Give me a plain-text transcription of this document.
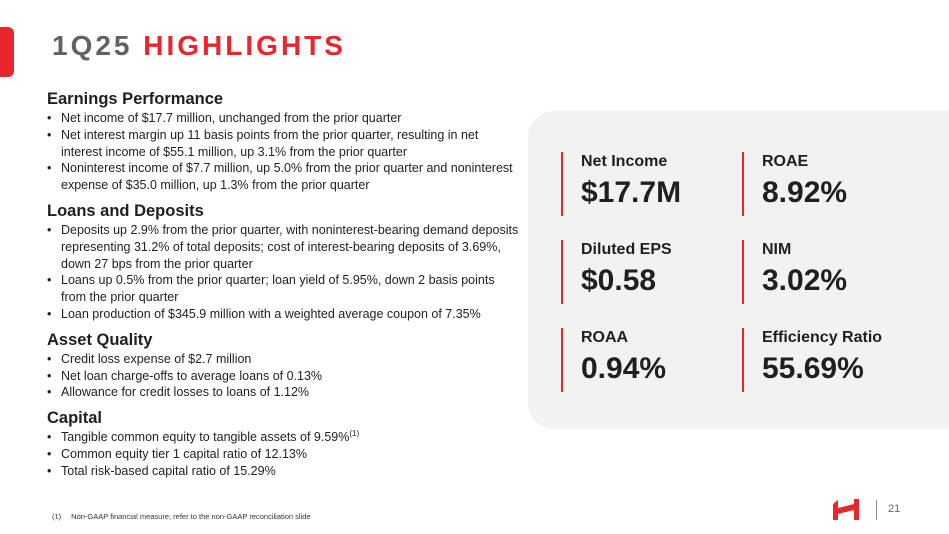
1Q25 HIGHLIGHTS
Earnings Performance
• Net income of $17.7 million, unchanged from the prior quarter
• Net interest margin up 11 basis points from the prior quarter, resulting in net interest income of $55.1 million, up 3.1% from the prior quarter
• Noninterest income of $7.7 million, up 5.0% from the prior quarter and noninterest expense of $35.0 million, up 1.3% from the prior quarter
Loans and Deposits
• Deposits up 2.9% from the prior quarter, with noninterest-bearing demand deposits representing 31.2% of total deposits; cost of interest-bearing deposits of 3.69%, down 27 bps from the prior quarter
• Loans up 0.5% from the prior quarter; loan yield of 5.95%, down 2 basis points from the prior quarter
• Loan production of $345.9 million with a weighted average coupon of 7.35%
Asset Quality
• Credit loss expense of $2.7 million
• Net loan charge-offs to average loans of 0.13%
• Allowance for credit losses to loans of 1.12%
Capital
• Tangible common equity to tangible assets of 9.59%$^{(1)}$
• Common equity tier 1 capital ratio of 12.13%
• Total risk-based capital ratio of 15.29%
Net Income
$17.7M
ROAE
8.92%
Diluted EPS
$0.58
NIM
3.02%
ROAA
0.94%
Efficiency Ratio
55.69%
(1) Non-GAAP financial measure; refer to the non-GAAP reconciliation slide
21
